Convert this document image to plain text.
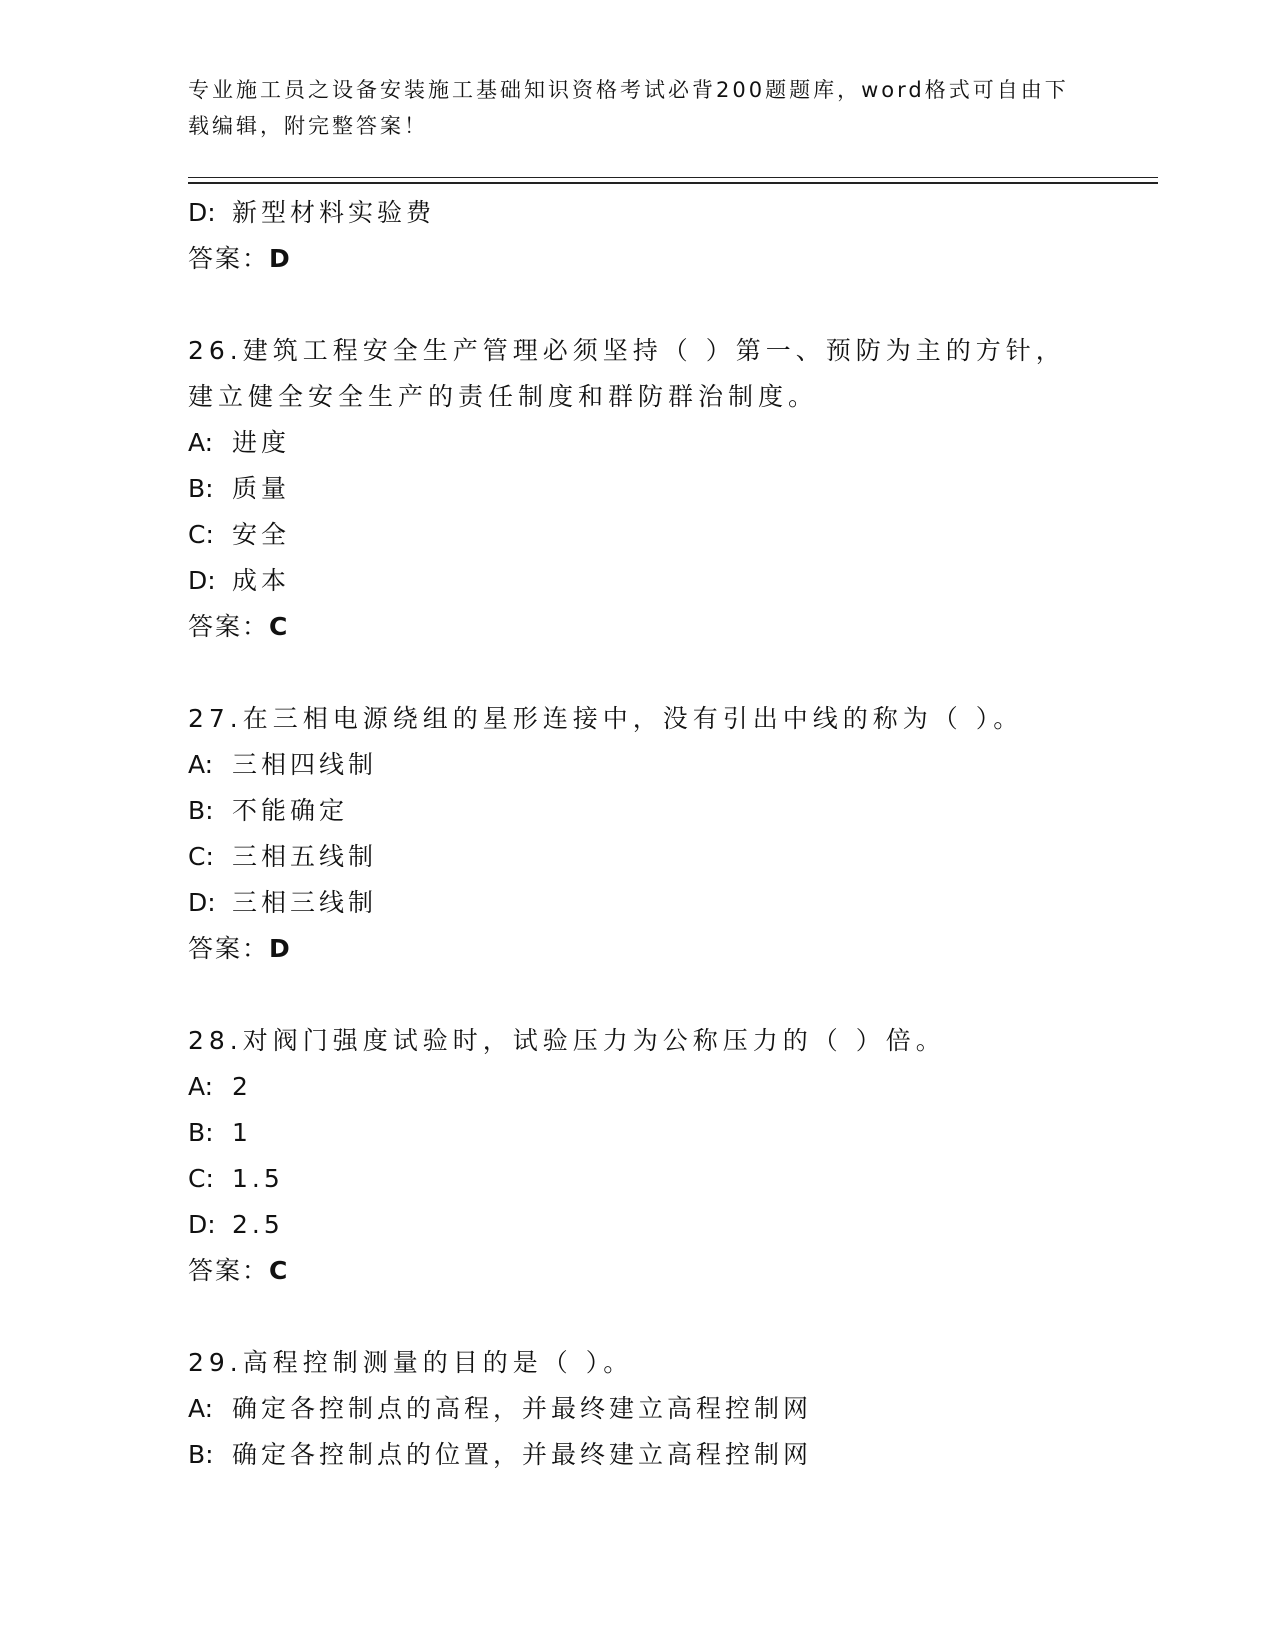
专业施工员之设备安装施工基础知识资格考试必背200题题库，word格式可自由下载编辑，附完整答案！
D: 新型材料实验费
答案：D
26.建筑工程安全生产管理必须坚持（ ）第一、预防为主的方针，建立健全安全生产的责任制度和群防群治制度。
A: 进度
B: 质量
C: 安全
D: 成本
答案：C
27.在三相电源绕组的星形连接中，没有引出中线的称为（ ）。
A: 三相四线制
B: 不能确定
C: 三相五线制
D: 三相三线制
答案：D
28.对阀门强度试验时，试验压力为公称压力的（ ）倍。
A: 2
B: 1
C: 1.5
D: 2.5
答案：C
29.高程控制测量的目的是（ ）。
A: 确定各控制点的高程，并最终建立高程控制网
B: 确定各控制点的位置，并最终建立高程控制网
